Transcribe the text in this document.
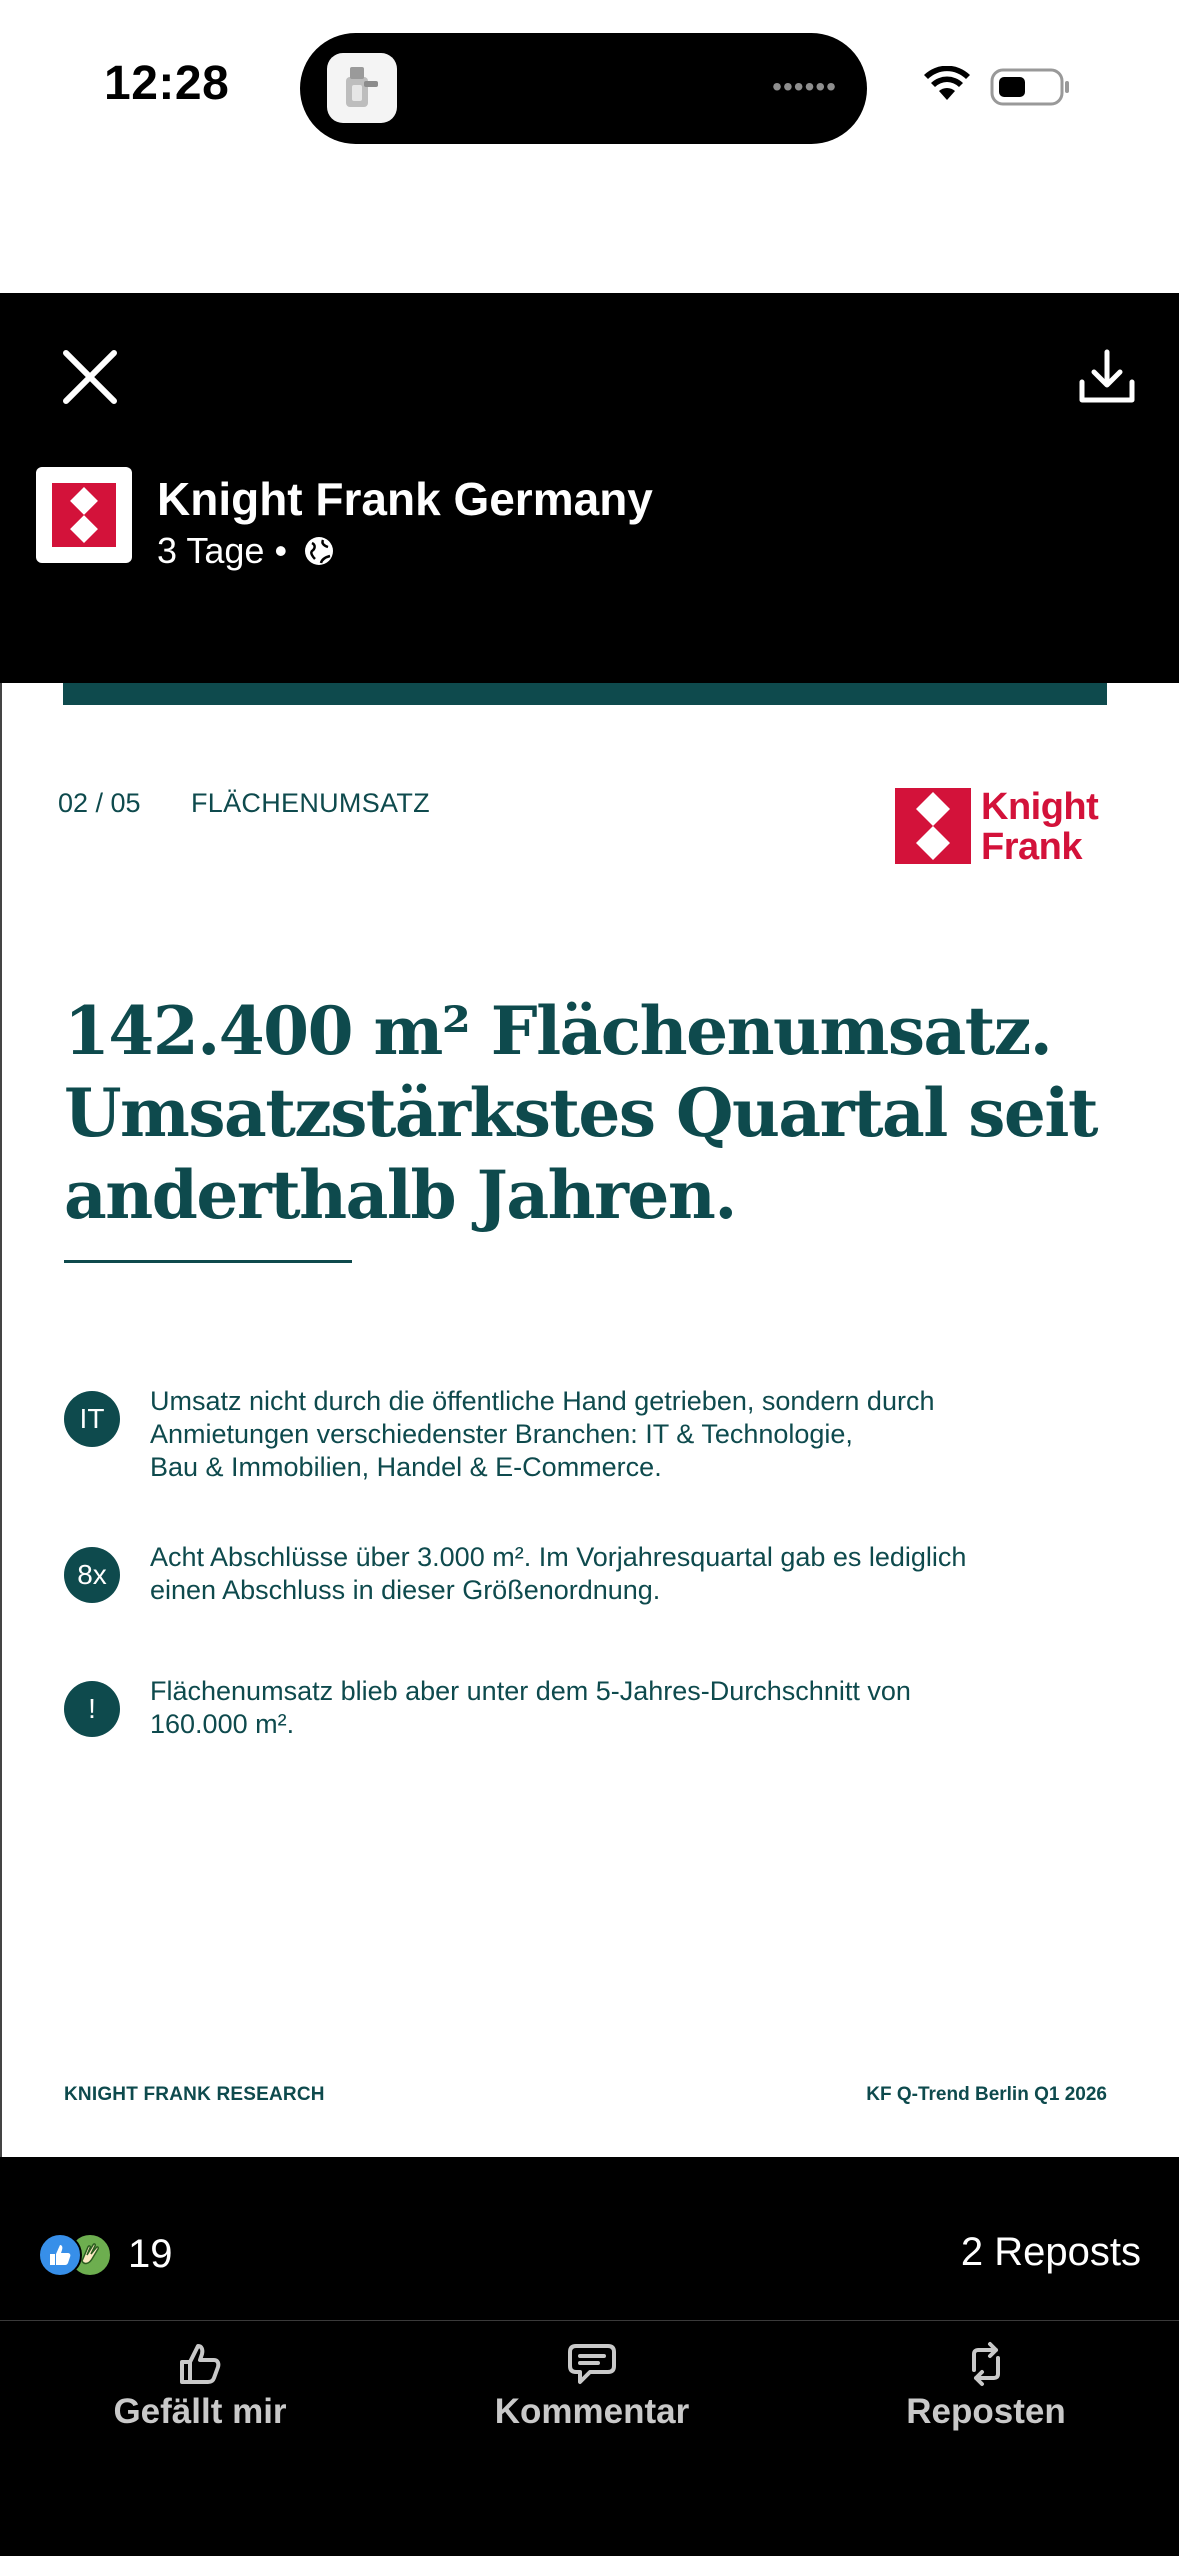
12:28	••••••
Knight Frank Germany
3 Tage •
02 / 05 FLÄCHENUMSATZ	Knight
Frank
142.400 m² Flächenumsatz. Umsatzstärkstes Quartal seit anderthalb Jahren.
IT
Umsatz nicht durch die öffentliche Hand getrieben, sondern durch
Anmietungen verschiedenster Branchen: IT & Technologie,
Bau & Immobilien, Handel & E-Commerce.
8x
Acht Abschlüsse über 3.000 m². Im Vorjahresquartal gab es lediglich
einen Abschluss in dieser Größenordnung.
!
Flächenumsatz blieb aber unter dem 5-Jahres-Durchschnitt von
160.000 m².
KNIGHT FRANK RESEARCH	KF Q-Trend Berlin Q1 2026
19	2 Reposts
Gefällt mir	Kommentar	Reposten
